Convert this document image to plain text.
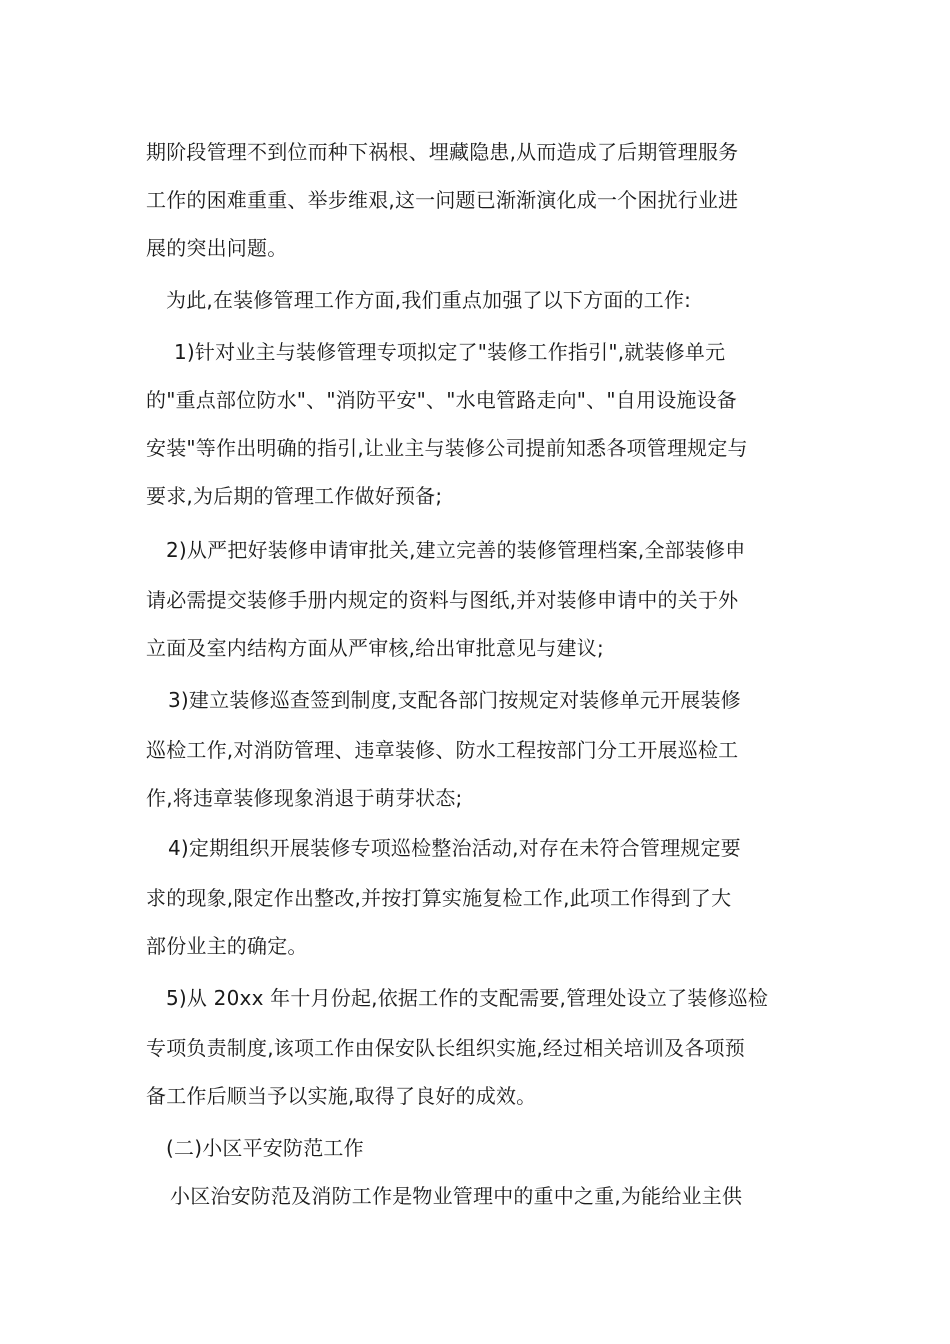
期阶段管理不到位而种下祸根、埋藏隐患,从而造成了后期管理服务
工作的困难重重、举步维艰,这一问题已渐渐演化成一个困扰行业进
展的突出问题。
为此,在装修管理工作方面,我们重点加强了以下方面的工作:
1)针对业主与装修管理专项拟定了"装修工作指引",就装修单元
的"重点部位防水"、"消防平安"、"水电管路走向"、"自用设施设备
安装"等作出明确的指引,让业主与装修公司提前知悉各项管理规定与
要求,为后期的管理工作做好预备;
2)从严把好装修申请审批关,建立完善的装修管理档案,全部装修申
请必需提交装修手册内规定的资料与图纸,并对装修申请中的关于外
立面及室内结构方面从严审核,给出审批意见与建议;
3)建立装修巡查签到制度,支配各部门按规定对装修单元开展装修
巡检工作,对消防管理、违章装修、防水工程按部门分工开展巡检工
作,将违章装修现象消退于萌芽状态;
4)定期组织开展装修专项巡检整治活动,对存在未符合管理规定要
求的现象,限定作出整改,并按打算实施复检工作,此项工作得到了大
部份业主的确定。
5)从 20xx 年十月份起,依据工作的支配需要,管理处设立了装修巡检
专项负责制度,该项工作由保安队长组织实施,经过相关培训及各项预
备工作后顺当予以实施,取得了良好的成效。
(二)小区平安防范工作
小区治安防范及消防工作是物业管理中的重中之重,为能给业主供
